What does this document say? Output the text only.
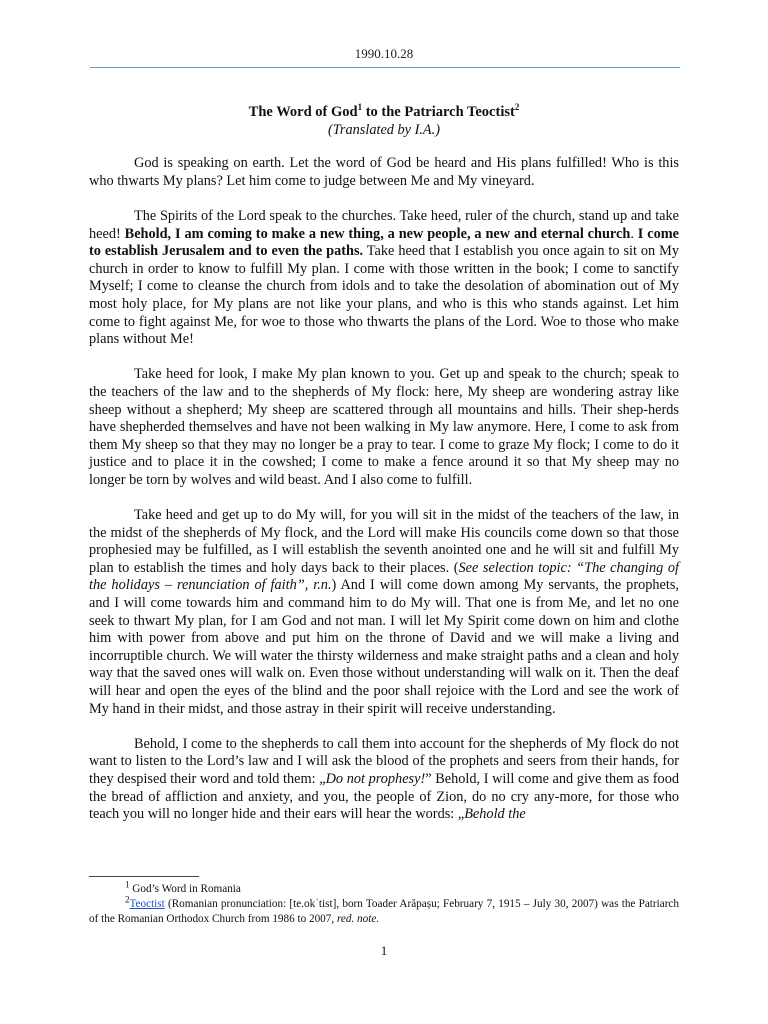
1990.10.28

The Word of God$^1$ to the Patriarch Teoctist$^2$

(Translated by I.A.)

God is speaking on earth. Let the word of God be heard and His plans fulfilled! Who is this who thwarts My plans? Let him come to judge between Me and My vineyard.

The Spirits of the Lord speak to the churches. Take heed, ruler of the church, stand up and take heed! Behold, I am coming to make a new thing, a new people, a new and eternal church. I come to establish Jerusalem and to even the paths. Take heed that I establish you once again to sit on My church in order to know to fulfill My plan. I come with those written in the book; I come to sanctify Myself; I come to cleanse the church from idols and to take the desolation of abomination out of My most holy place, for My plans are not like your plans, and who is this who stands against. Let him come to fight against Me, for woe to those who thwarts the plans of the Lord. Woe to those who make plans without Me!

Take heed for look, I make My plan known to you. Get up and speak to the church; speak to the teachers of the law and to the shepherds of My flock: here, My sheep are wondering astray like sheep without a shepherd; My sheep are scattered through all mountains and hills. Their shep-herds have shepherded themselves and have not been walking in My law anymore. Here, I come to ask from them My sheep so that they may no longer be a pray to tear. I come to graze My flock; I come to do it justice and to place it in the cowshed; I come to make a fence around it so that My sheep may no longer be torn by wolves and wild beast. And I also come to fulfill.

Take heed and get up to do My will, for you will sit in the midst of the teachers of the law, in the midst of the shepherds of My flock, and the Lord will make His councils come down so that those prophesied may be fulfilled, as I will establish the seventh anointed one and he will sit and fulfill My plan to establish the times and holy days back to their places. (See selection topic: “The changing of the holidays – renunciation of faith”, r.n.) And I will come down among My servants, the prophets, and I will come towards him and command him to do My will. That one is from Me, and let no one seek to thwart My plan, for I am God and not man. I will let My Spirit come down on him and clothe him with power from above and put him on the throne of David and we will make a living and incorruptible church. We will water the thirsty wilderness and make straight paths and a clean and holy way that the saved ones will walk on. Even those without understanding will walk on it. Then the deaf will hear and open the eyes of the blind and the poor shall rejoice with the Lord and see the work of My hand in their midst, and those astray in their spirit will receive understanding.

Behold, I come to the shepherds to call them into account for the shepherds of My flock do not want to listen to the Lord’s law and I will ask the blood of the prophets and seers from their hands, for they despised their word and told them: „Do not prophesy!” Behold, I will come and give them as food the bread of affliction and anxiety, and you, the people of Zion, do no cry any-more, for those who teach you will no longer hide and their ears will hear the words: „Behold the

$^1$ God’s Word in Romania

$^2$Teoctist (Romanian pronunciation: [te.okˈtist], born Toader Arăpașu; February 7, 1915 – July 30, 2007) was the Patriarch of the Romanian Orthodox Church from 1986 to 2007, red. note.

1
